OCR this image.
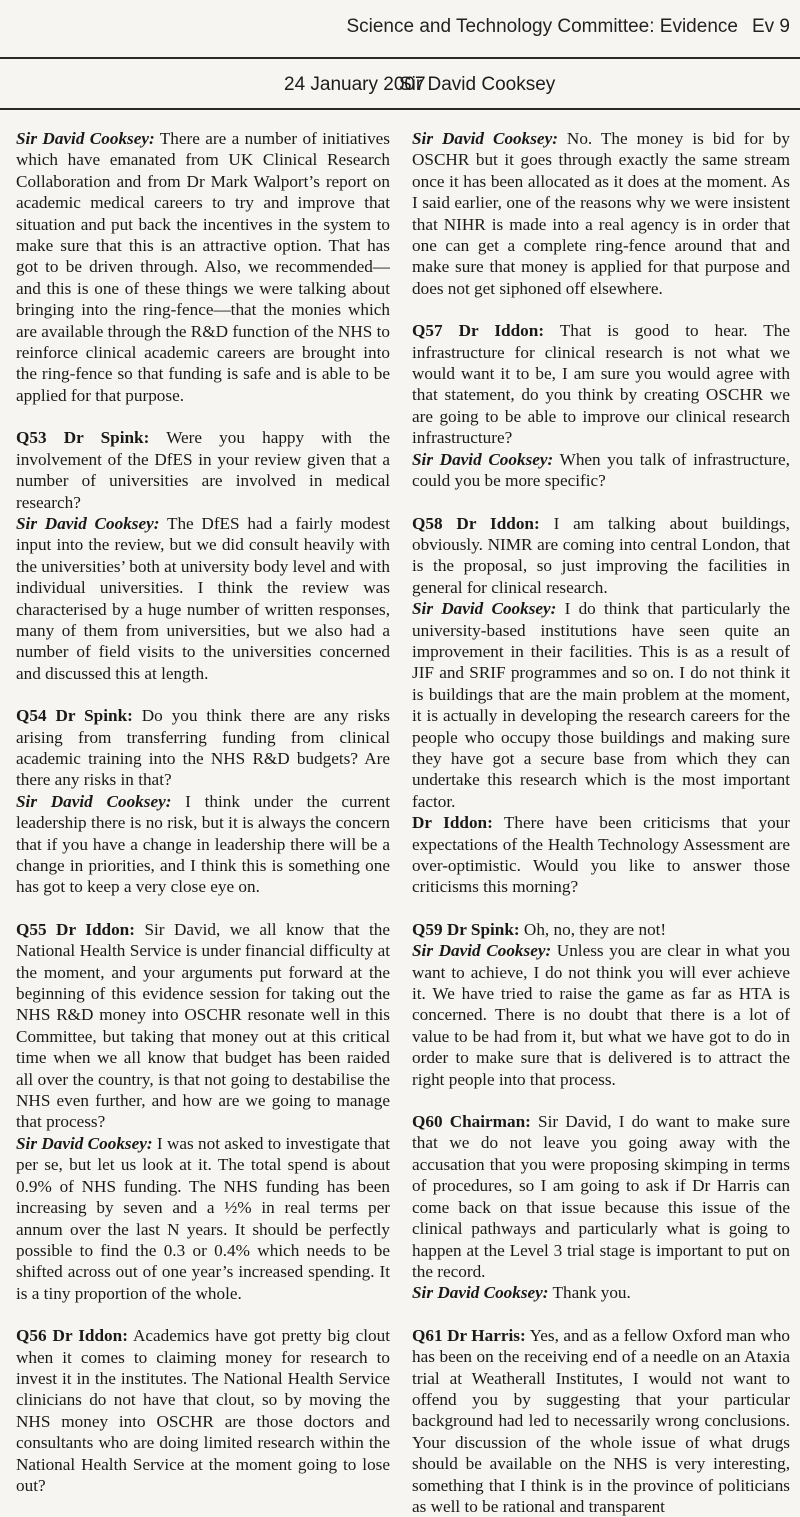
Science and Technology Committee: Evidence Ev 9
24 January 2007
Sir David Cooksey

Sir David Cooksey: There are a number of initiatives which have emanated from UK Clinical Research Collaboration and from Dr Mark Walport’s report on academic medical careers to try and improve that situation and put back the incentives in the system to make sure that this is an attractive option. That has got to be driven through. Also, we recommended—and this is one of these things we were talking about bringing into the ring-fence—that the monies which are available through the R&D function of the NHS to reinforce clinical academic careers are brought into the ring-fence so that funding is safe and is able to be applied for that purpose.

Q53 Dr Spink: Were you happy with the involvement of the DfES in your review given that a number of universities are involved in medical research?

Sir David Cooksey: The DfES had a fairly modest input into the review, but we did consult heavily with the universities’ both at university body level and with individual universities. I think the review was characterised by a huge number of written responses, many of them from universities, but we also had a number of field visits to the universities concerned and discussed this at length.

Q54 Dr Spink: Do you think there are any risks arising from transferring funding from clinical academic training into the NHS R&D budgets? Are there any risks in that?

Sir David Cooksey: I think under the current leadership there is no risk, but it is always the concern that if you have a change in leadership there will be a change in priorities, and I think this is something one has got to keep a very close eye on.

Q55 Dr Iddon: Sir David, we all know that the National Health Service is under financial difficulty at the moment, and your arguments put forward at the beginning of this evidence session for taking out the NHS R&D money into OSCHR resonate well in this Committee, but taking that money out at this critical time when we all know that budget has been raided all over the country, is that not going to destabilise the NHS even further, and how are we going to manage that process?

Sir David Cooksey: I was not asked to investigate that per se, but let us look at it. The total spend is about 0.9% of NHS funding. The NHS funding has been increasing by seven and a ½% in real terms per annum over the last N years. It should be perfectly possible to find the 0.3 or 0.4% which needs to be shifted across out of one year’s increased spending. It is a tiny proportion of the whole.

Q56 Dr Iddon: Academics have got pretty big clout when it comes to claiming money for research to invest it in the institutes. The National Health Service clinicians do not have that clout, so by moving the NHS money into OSCHR are those doctors and consultants who are doing limited research within the National Health Service at the moment going to lose out?

Sir David Cooksey: No. The money is bid for by OSCHR but it goes through exactly the same stream once it has been allocated as it does at the moment. As I said earlier, one of the reasons why we were insistent that NIHR is made into a real agency is in order that one can get a complete ring-fence around that and make sure that money is applied for that purpose and does not get siphoned off elsewhere.

Q57 Dr Iddon: That is good to hear. The infrastructure for clinical research is not what we would want it to be, I am sure you would agree with that statement, do you think by creating OSCHR we are going to be able to improve our clinical research infrastructure?

Sir David Cooksey: When you talk of infrastructure, could you be more specific?

Q58 Dr Iddon: I am talking about buildings, obviously. NIMR are coming into central London, that is the proposal, so just improving the facilities in general for clinical research.

Sir David Cooksey: I do think that particularly the university-based institutions have seen quite an improvement in their facilities. This is as a result of JIF and SRIF programmes and so on. I do not think it is buildings that are the main problem at the moment, it is actually in developing the research careers for the people who occupy those buildings and making sure they have got a secure base from which they can undertake this research which is the most important factor.

Dr Iddon: There have been criticisms that your expectations of the Health Technology Assessment are over-optimistic. Would you like to answer those criticisms this morning?

Q59 Dr Spink: Oh, no, they are not!

Sir David Cooksey: Unless you are clear in what you want to achieve, I do not think you will ever achieve it. We have tried to raise the game as far as HTA is concerned. There is no doubt that there is a lot of value to be had from it, but what we have got to do in order to make sure that is delivered is to attract the right people into that process.

Q60 Chairman: Sir David, I do want to make sure that we do not leave you going away with the accusation that you were proposing skimping in terms of procedures, so I am going to ask if Dr Harris can come back on that issue because this issue of the clinical pathways and particularly what is going to happen at the Level 3 trial stage is important to put on the record.

Sir David Cooksey: Thank you.

Q61 Dr Harris: Yes, and as a fellow Oxford man who has been on the receiving end of a needle on an Ataxia trial at Weatherall Institutes, I would not want to offend you by suggesting that your particular background had led to necessarily wrong conclusions. Your discussion of the whole issue of what drugs should be available on the NHS is very interesting, something that I think is in the province of politicians as well to be rational and transparent
